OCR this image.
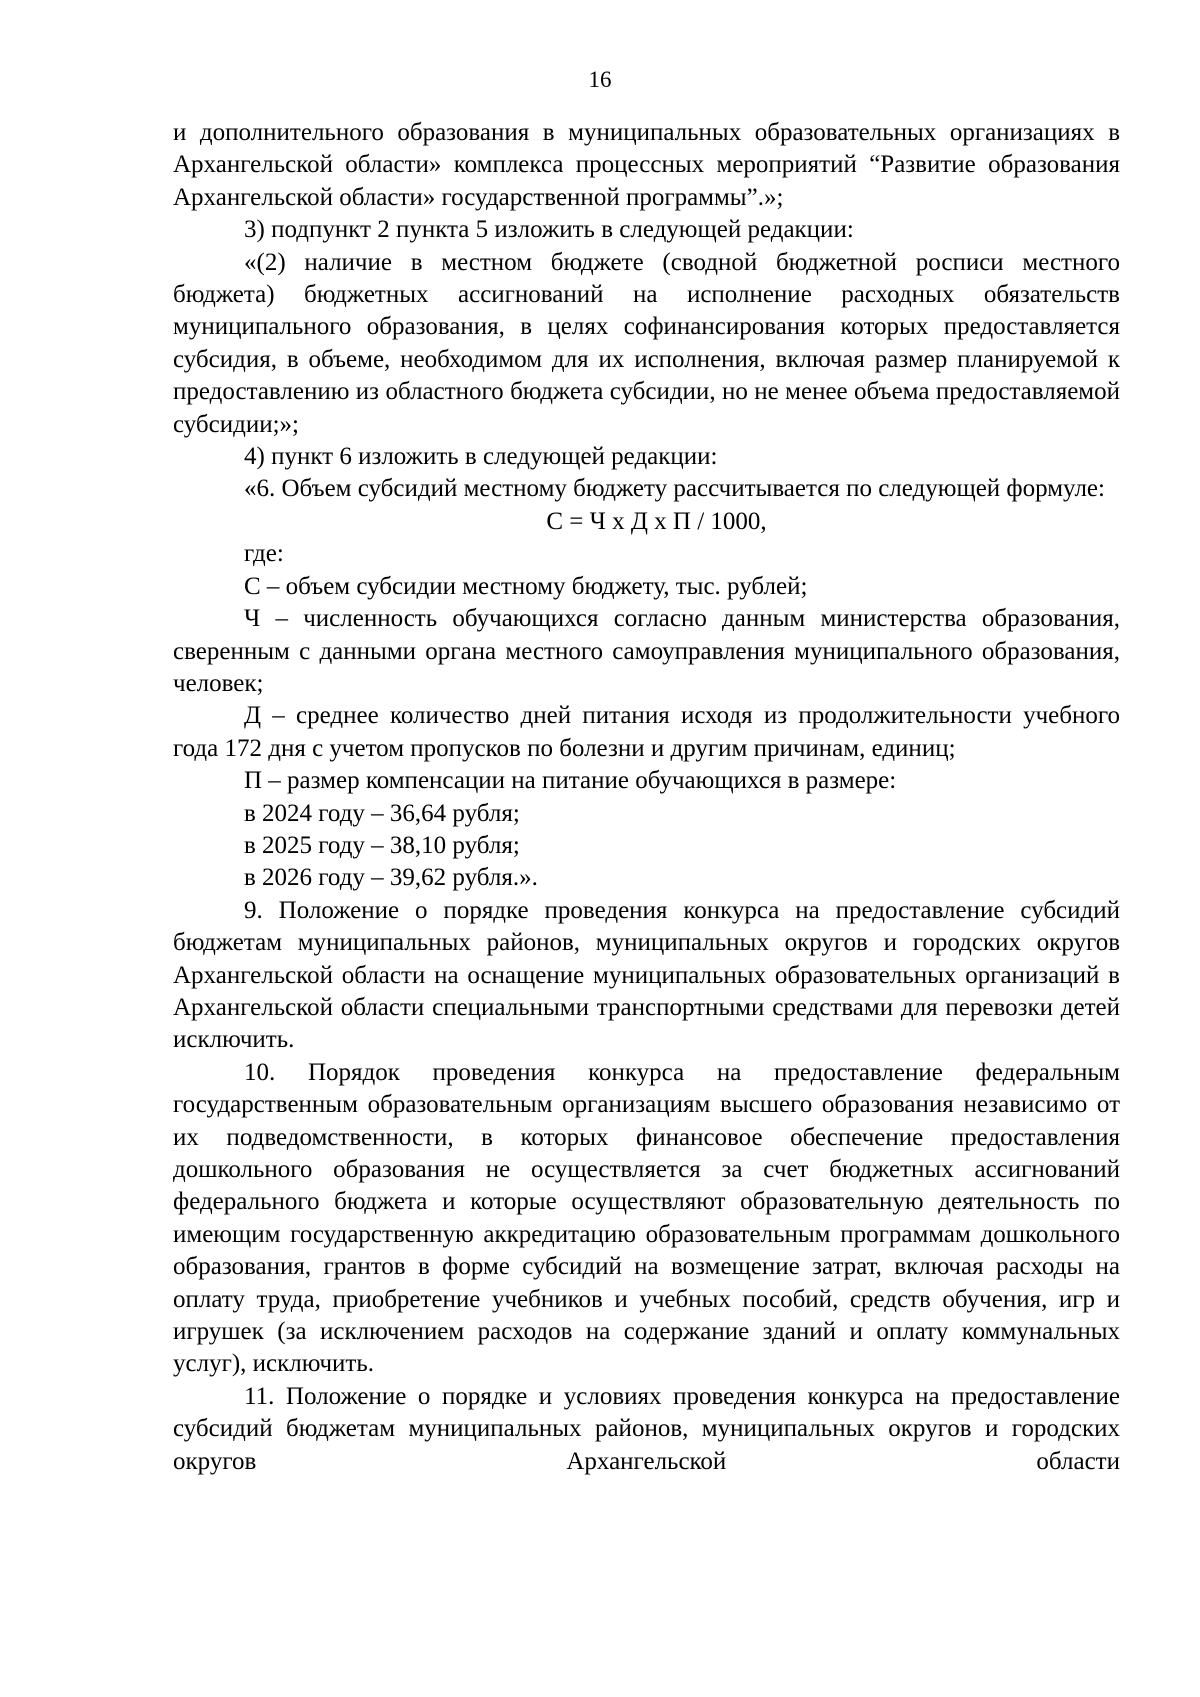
16

и дополнительного образования в муниципальных образовательных организациях в Архангельской области» комплекса процессных мероприятий “Развитие образования Архангельской области» государственной программы”.»;

3) подпункт 2 пункта 5 изложить в следующей редакции:

«(2) наличие в местном бюджете (сводной бюджетной росписи местного бюджета) бюджетных ассигнований на исполнение расходных обязательств муниципального образования, в целях софинансирования которых предоставляется субсидия, в объеме, необходимом для их исполнения, включая размер планируемой к предоставлению из областного бюджета субсидии, но не менее объема предоставляемой субсидии;»;

4) пункт 6 изложить в следующей редакции:

«6. Объем субсидий местному бюджету рассчитывается по следующей формуле:

С = Ч х Д х П / 1000,

где:

С – объем субсидии местному бюджету, тыс. рублей;

Ч – численность обучающихся согласно данным министерства образования, сверенным с данными органа местного самоуправления муниципального образования, человек;

Д – среднее количество дней питания исходя из продолжительности учебного года 172 дня с учетом пропусков по болезни и другим причинам, единиц;

П – размер компенсации на питание обучающихся в размере:

в 2024 году – 36,64 рубля;

в 2025 году – 38,10 рубля;

в 2026 году – 39,62 рубля.».

9. Положение о порядке проведения конкурса на предоставление субсидий бюджетам муниципальных районов, муниципальных округов и городских округов Архангельской области на оснащение муниципальных образовательных организаций в Архангельской области специальными транспортными средствами для перевозки детей исключить.

10. Порядок проведения конкурса на предоставление федеральным государственным образовательным организациям высшего образования независимо от их подведомственности, в которых финансовое обеспечение предоставления дошкольного образования не осуществляется за счет бюджетных ассигнований федерального бюджета и которые осуществляют образовательную деятельность по имеющим государственную аккредитацию образовательным программам дошкольного образования, грантов в форме субсидий на возмещение затрат, включая расходы на оплату труда, приобретение учебников и учебных пособий, средств обучения, игр и игрушек (за исключением расходов на содержание зданий и оплату коммунальных услуг), исключить.

11. Положение о порядке и условиях проведения конкурса на предоставление субсидий бюджетам муниципальных районов, муниципальных округов и городских округов Архангельской области
